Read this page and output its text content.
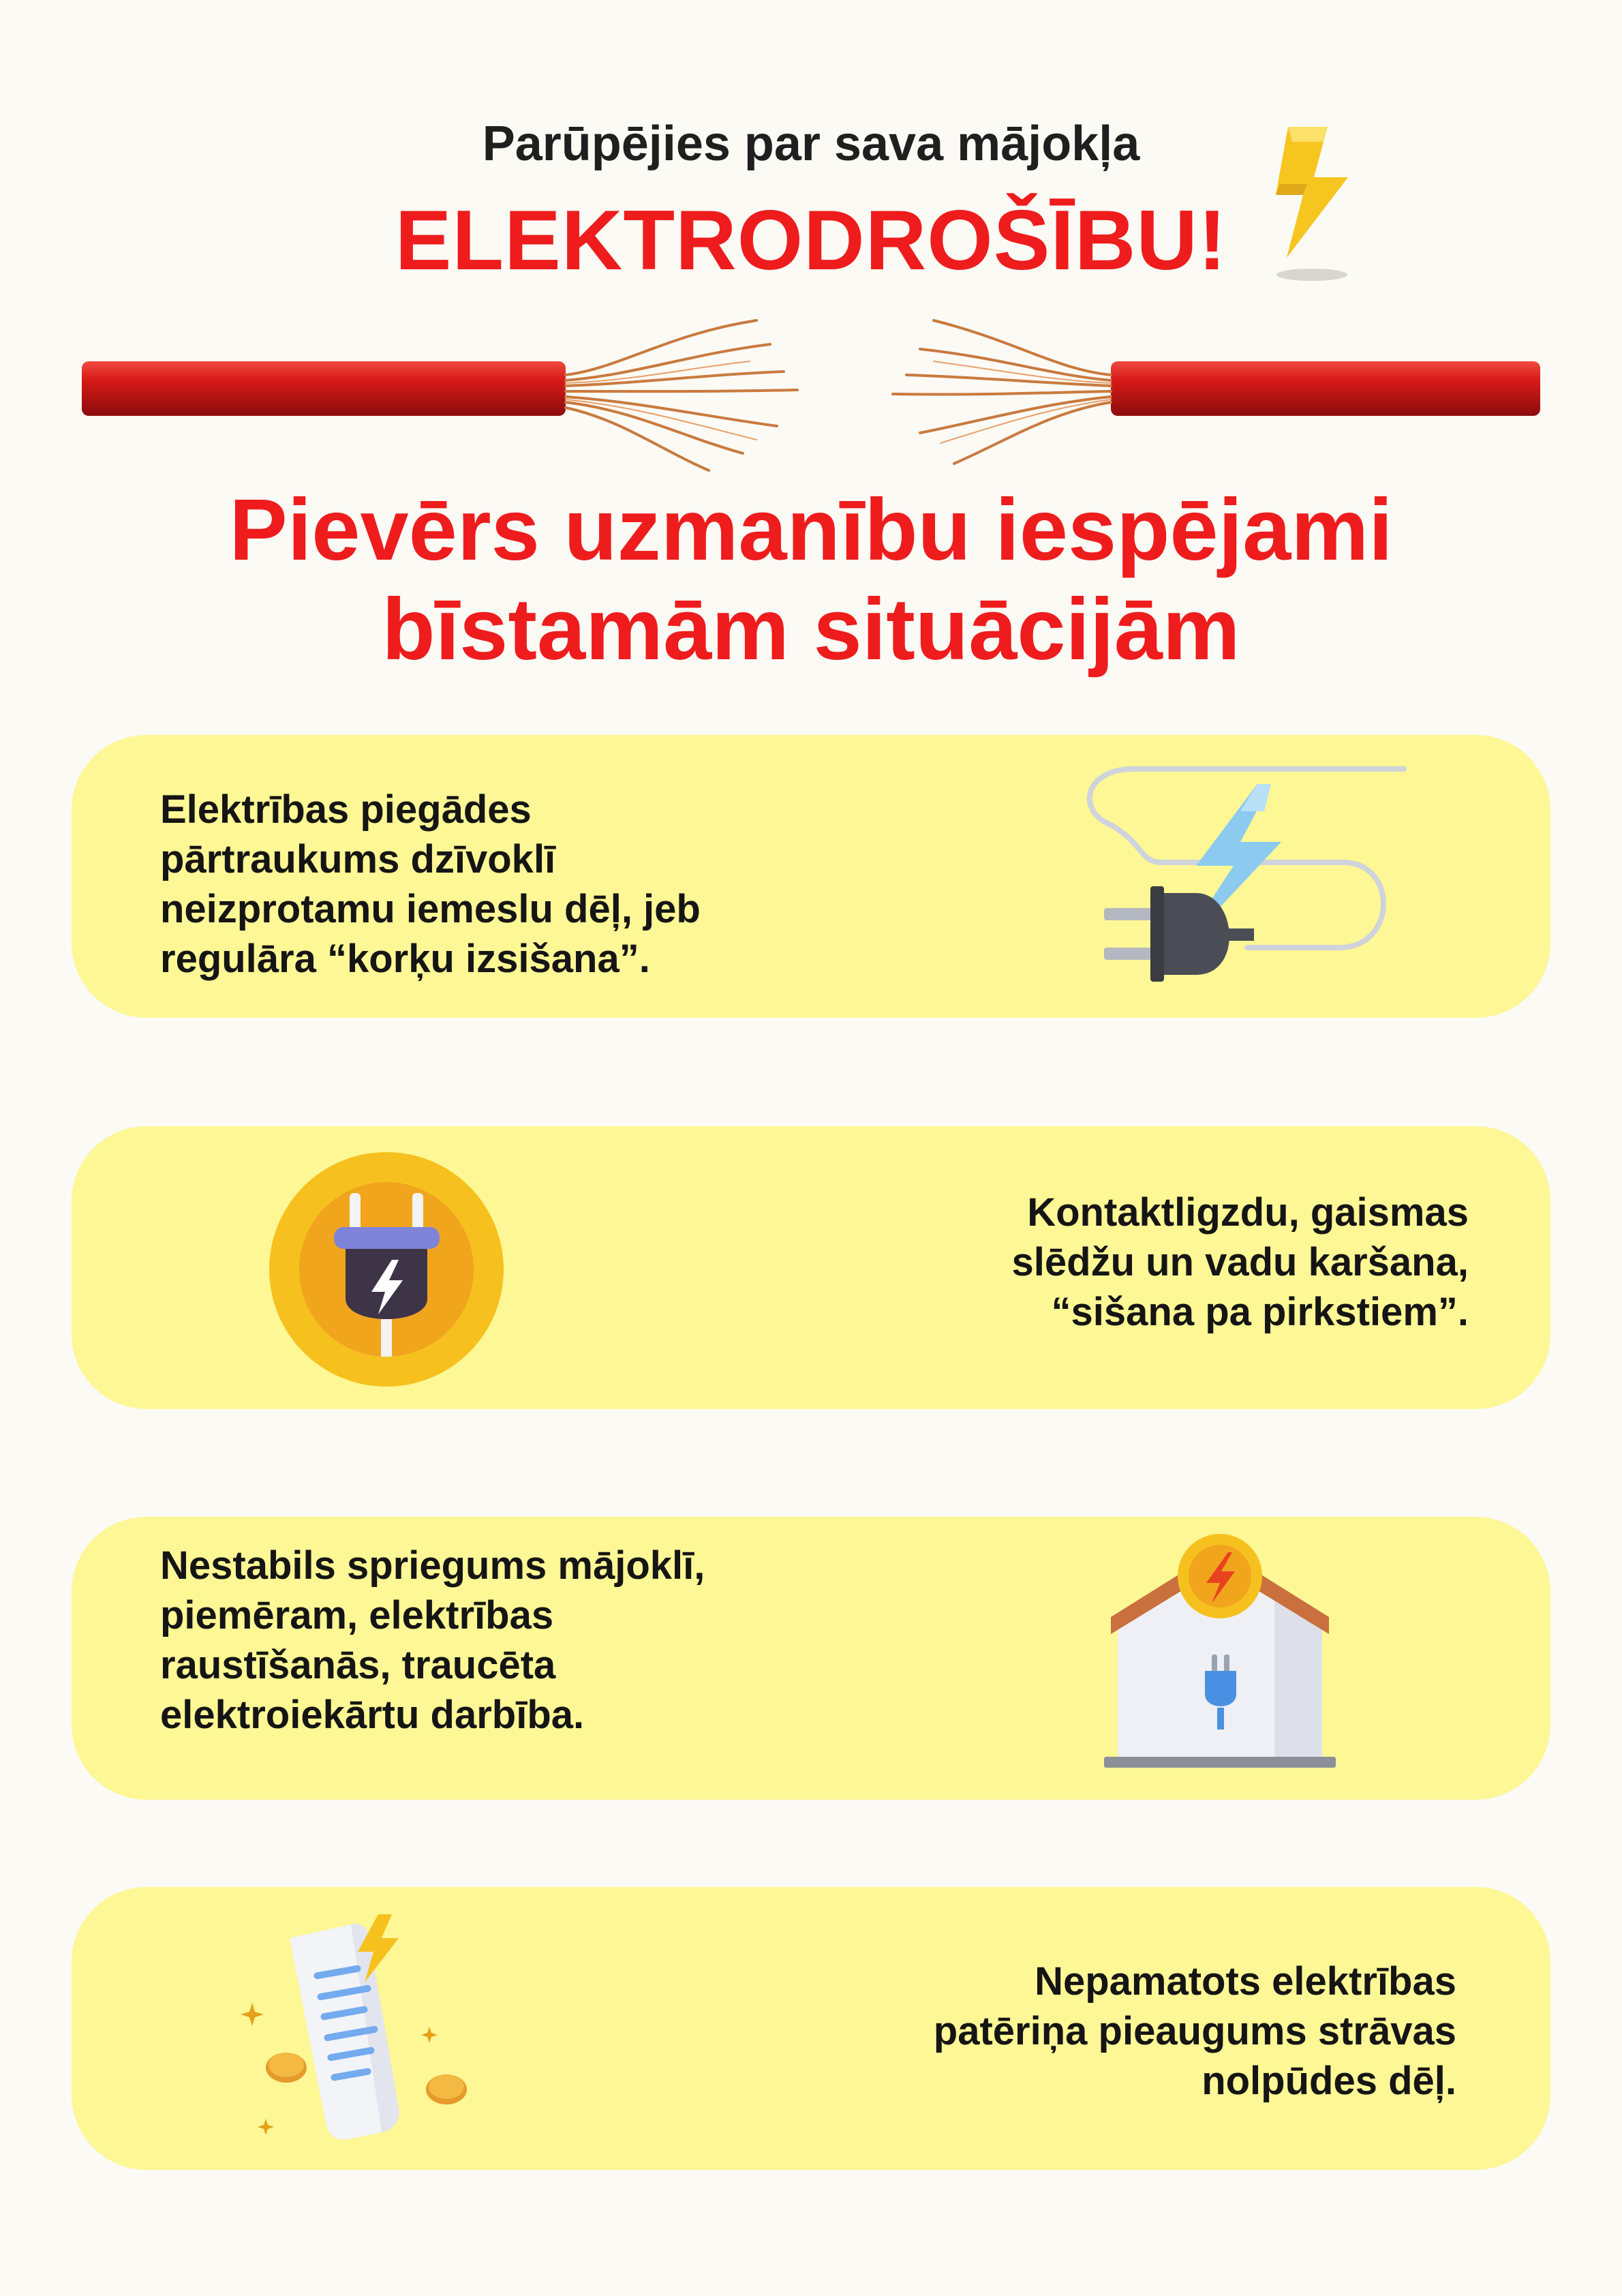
Parūpējies par sava mājokļa
ELEKTRODROŠĪBU!
Pievērs uzmanību iespējami
bīstamām situācijām
Elektrības piegādes
pārtraukums dzīvoklī
neizprotamu iemeslu dēļ, jeb
regulāra “korķu izsišana”.
Kontaktligzdu, gaismas
slēdžu un vadu karšana,
“sišana pa pirkstiem”.
Nestabils spriegums mājoklī,
piemēram, elektrības
raustīšanās, traucēta
elektroiekārtu darbība.
Nepamatots elektrības
patēriņa pieaugums strāvas
nolpūdes dēļ.
